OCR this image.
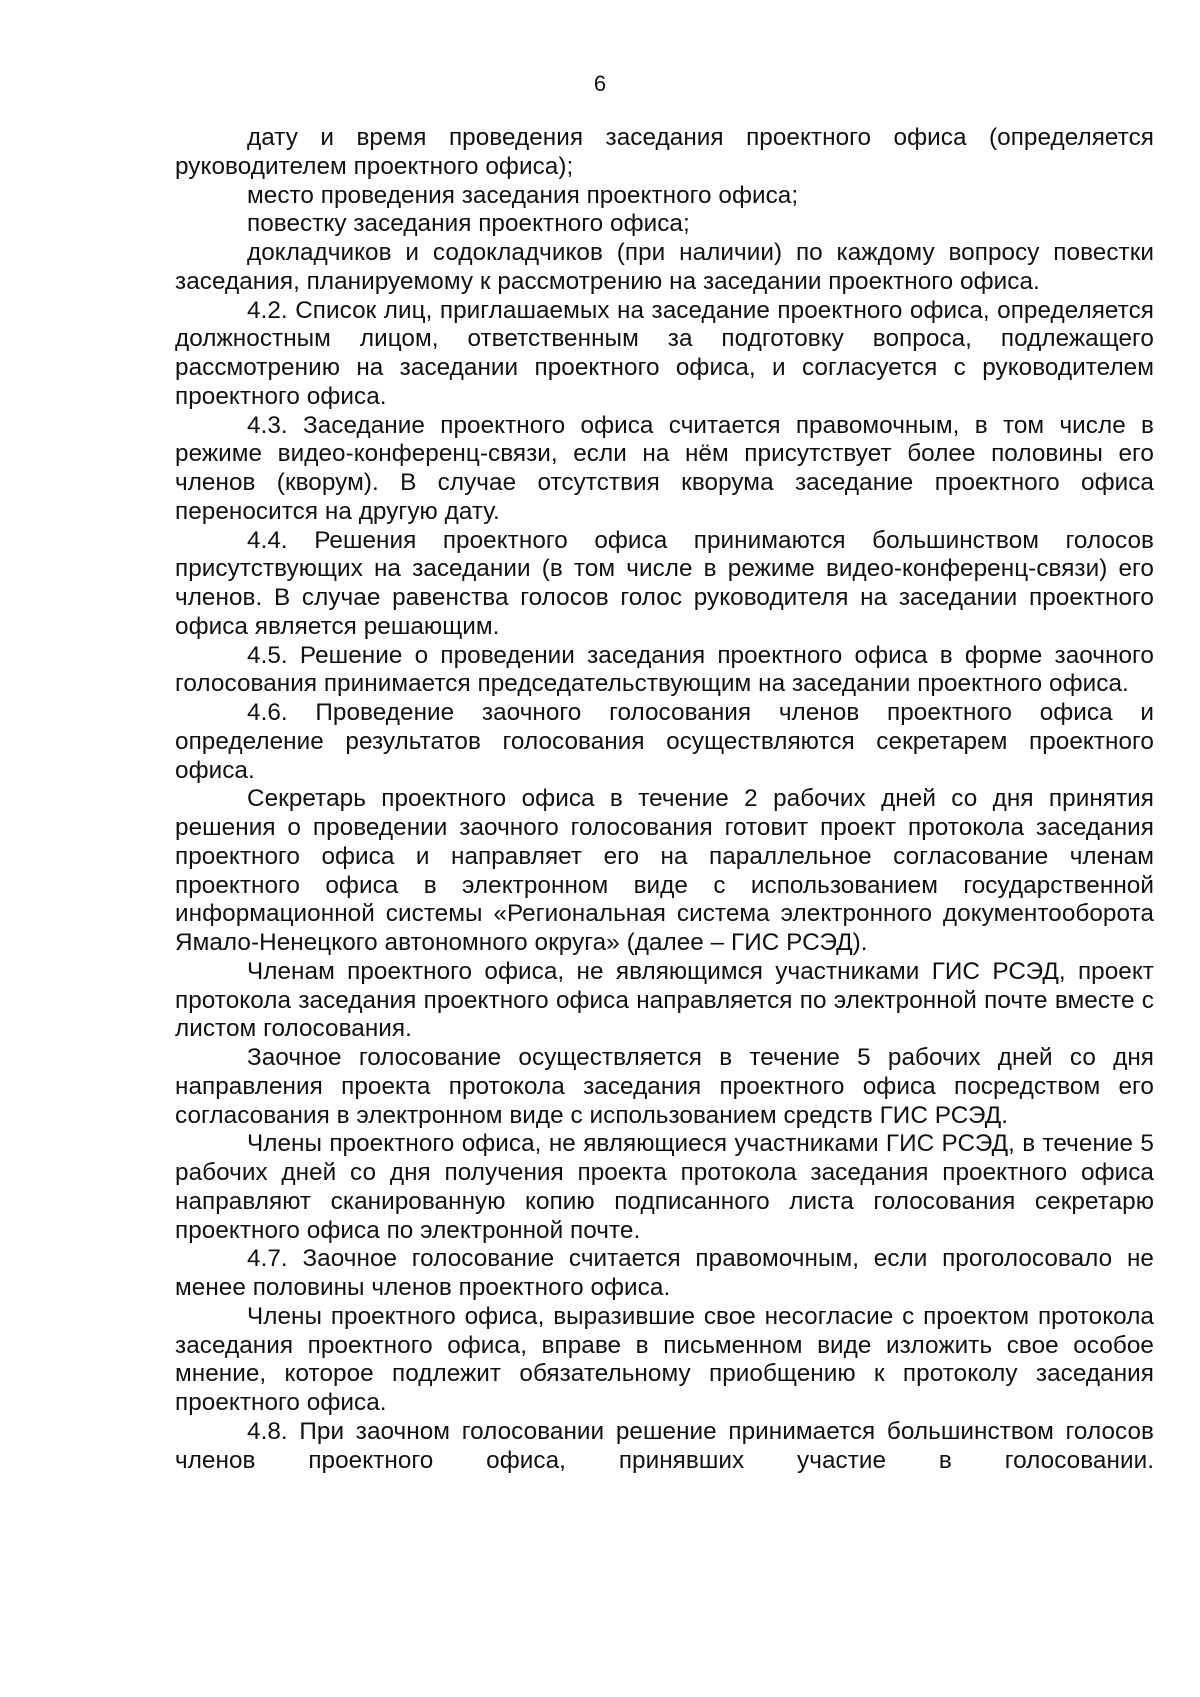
6

дату и время проведения заседания проектного офиса (определяется руководителем проектного офиса);

место проведения заседания проектного офиса;

повестку заседания проектного офиса;

докладчиков и содокладчиков (при наличии) по каждому вопросу повестки заседания, планируемому к рассмотрению на заседании проектного офиса.

4.2. Список лиц, приглашаемых на заседание проектного офиса, определяется должностным лицом, ответственным за подготовку вопроса, подлежащего рассмотрению на заседании проектного офиса, и согласуется с руководителем проектного офиса.

4.3. Заседание проектного офиса считается правомочным, в том числе в режиме видео-конференц-связи, если на нём присутствует более половины его членов (кворум). В случае отсутствия кворума заседание проектного офиса переносится на другую дату.

4.4. Решения проектного офиса принимаются большинством голосов присутствующих на заседании (в том числе в режиме видео-конференц-связи) его членов. В случае равенства голосов голос руководителя на заседании проектного офиса является решающим.

4.5. Решение о проведении заседания проектного офиса в форме заочного голосования принимается председательствующим на заседании проектного офиса.

4.6. Проведение заочного голосования членов проектного офиса и определение результатов голосования осуществляются секретарем проектного офиса.

Секретарь проектного офиса в течение 2 рабочих дней со дня принятия решения о проведении заочного голосования готовит проект протокола заседания проектного офиса и направляет его на параллельное согласование членам проектного офиса в электронном виде с использованием государственной информационной системы «Региональная система электронного документооборота Ямало-Ненецкого автономного округа» (далее – ГИС РСЭД).

Членам проектного офиса, не являющимся участниками ГИС РСЭД, проект протокола заседания проектного офиса направляется по электронной почте вместе с листом голосования.

Заочное голосование осуществляется в течение 5 рабочих дней со дня направления проекта протокола заседания проектного офиса посредством его согласования в электронном виде с использованием средств ГИС РСЭД.

Члены проектного офиса, не являющиеся участниками ГИС РСЭД, в течение 5 рабочих дней со дня получения проекта протокола заседания проектного офиса направляют сканированную копию подписанного листа голосования секретарю проектного офиса по электронной почте.

4.7. Заочное голосование считается правомочным, если проголосовало не менее половины членов проектного офиса.

Члены проектного офиса, выразившие свое несогласие с проектом протокола заседания проектного офиса, вправе в письменном виде изложить свое особое мнение, которое подлежит обязательному приобщению к протоколу заседания проектного офиса.

4.8. При заочном голосовании решение принимается большинством голосов членов проектного офиса, принявших участие в голосовании.
